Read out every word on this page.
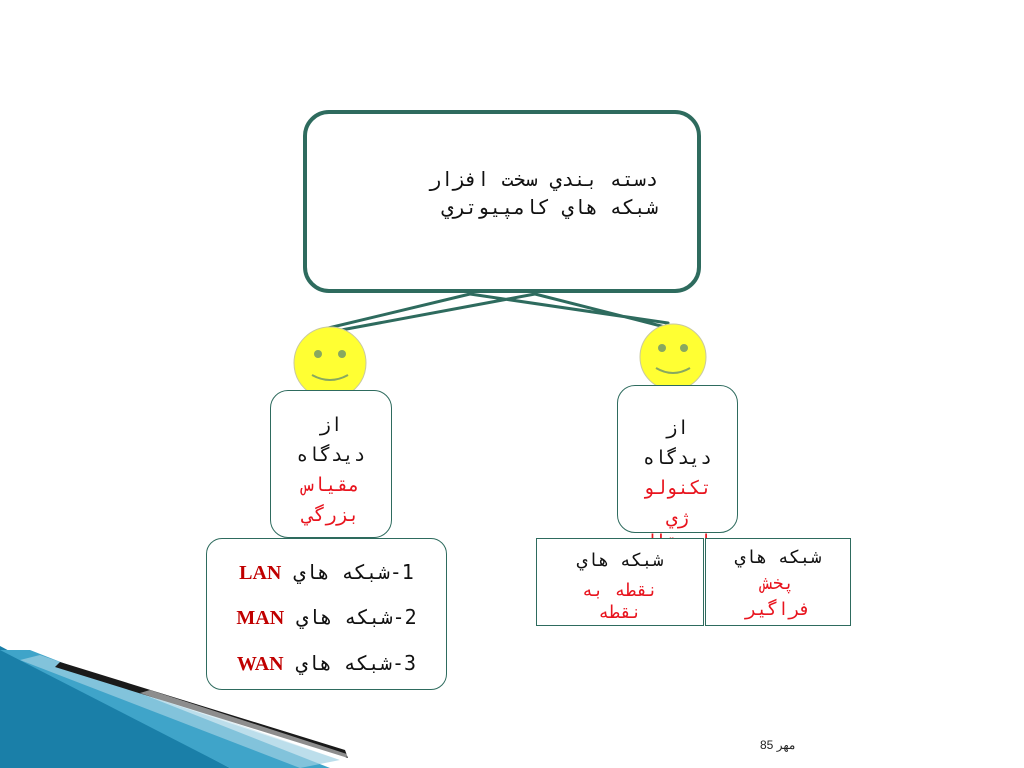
دسته بندي سخت افزار
شبكه هاي كامپيوتري
از
ديدگاه
مقياس
بزرگي
1-شبكه هاي LAN
2-شبكه هاي MAN
3-شبكه هاي WAN
از
ديدگاه
تكنولو
ژي
شبكه هاي
نقطه به
نقطه
شبكه هاي
پخش
فراگير
مهر 85
